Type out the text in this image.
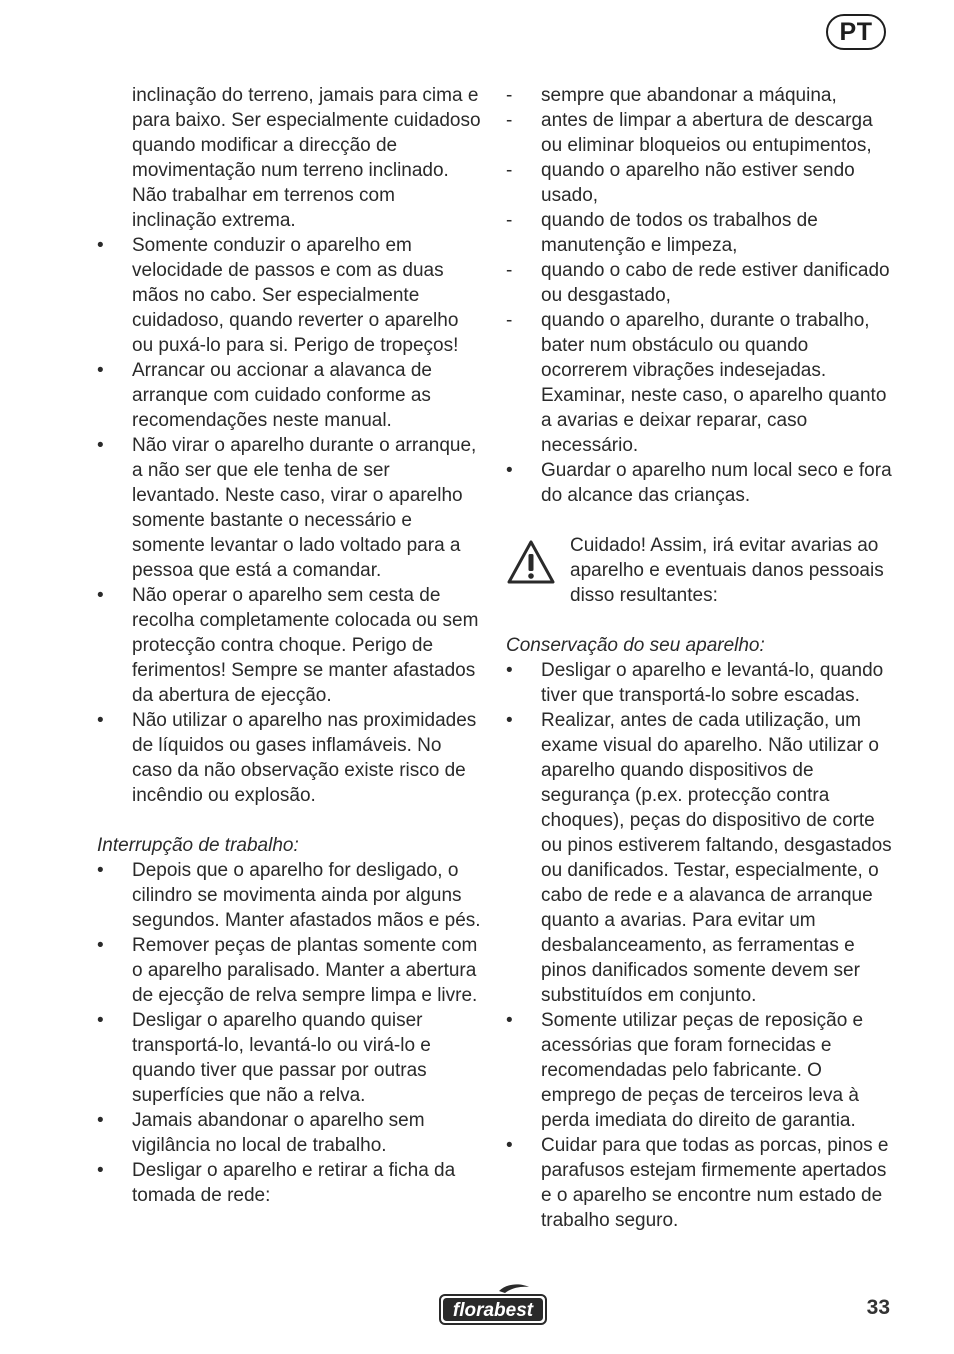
PT

inclinação do terreno, jamais para cima e para baixo. Ser especialmente cuidadoso quando modificar a direcção de movimentação num terreno inclinado. Não trabalhar em terrenos com inclinação extrema.

•	Somente conduzir o aparelho em velocidade de passos e com as duas mãos no cabo. Ser especialmente cuidadoso, quando reverter o aparelho ou puxá-lo para si. Perigo de tropeços!
•	Arrancar ou accionar a alavanca de arranque com cuidado conforme as recomendações neste manual.
•	Não virar o aparelho durante o arranque, a não ser que ele tenha de ser levantado. Neste caso, virar o aparelho somente bastante o necessário e somente levantar o lado voltado para a pessoa que está a comandar.
•	Não operar o aparelho sem cesta de recolha completamente colocada ou sem protecção contra choque. Perigo de ferimentos! Sempre se manter afastados da abertura de ejecção.
•	Não utilizar o aparelho nas proximidades de líquidos ou gases inflamáveis. No caso da não observação existe risco de incêndio ou explosão.

Interrupção de trabalho:

•	Depois que o aparelho for desligado, o cilindro se movimenta ainda por alguns segundos. Manter afastados mãos e pés.
•	Remover peças de plantas somente com o aparelho paralisado. Manter a abertura de ejecção de relva sempre limpa e livre.
•	Desligar o aparelho quando quiser transportá-lo, levantá-lo ou virá-lo e quando tiver que passar por outras superfícies que não a relva.
•	Jamais abandonar o aparelho sem vigilância no local de trabalho.
•	Desligar o aparelho e retirar a ficha da tomada de rede:
-	sempre que abandonar a máquina,
-	antes de limpar a abertura de descarga ou eliminar bloqueios ou entupimentos,
-	quando o aparelho não estiver sendo usado,
-	quando de todos os trabalhos de manutenção e limpeza,
-	quando o cabo de rede estiver danificado ou desgastado,
-	quando o aparelho, durante o trabalho, bater num obstáculo ou quando ocorrerem vibrações indesejadas. Examinar, neste caso, o aparelho quanto a avarias e deixar reparar, caso necessário.
•	Guardar o aparelho num local seco e fora do alcance das crianças.
Cuidado! Assim, irá evitar avarias ao aparelho e eventuais danos pessoais disso resultantes:

Conservação do seu aparelho:

•	Desligar o aparelho e levantá-lo, quando tiver que transportá-lo sobre escadas.
•	Realizar, antes de cada utilização, um exame visual do aparelho. Não utilizar o aparelho quando dispositivos de segurança (p.ex. protecção contra choques), peças do dispositivo de corte ou pinos estiverem faltando, desgastados ou danificados. Testar, especialmente, o cabo de rede e a alavanca de arranque quanto a avarias. Para evitar um desbalanceamento, as ferramentas e pinos danificados somente devem ser substituídos em conjunto.
•	Somente utilizar peças de reposição e acessórias que foram fornecidas e recomendadas pelo fabricante. O emprego de peças de terceiros leva à perda imediata do direito de garantia.
•	Cuidar para que todas as porcas, pinos e parafusos estejam firmemente apertados e o aparelho se encontre num estado de trabalho seguro.
florabest	33
